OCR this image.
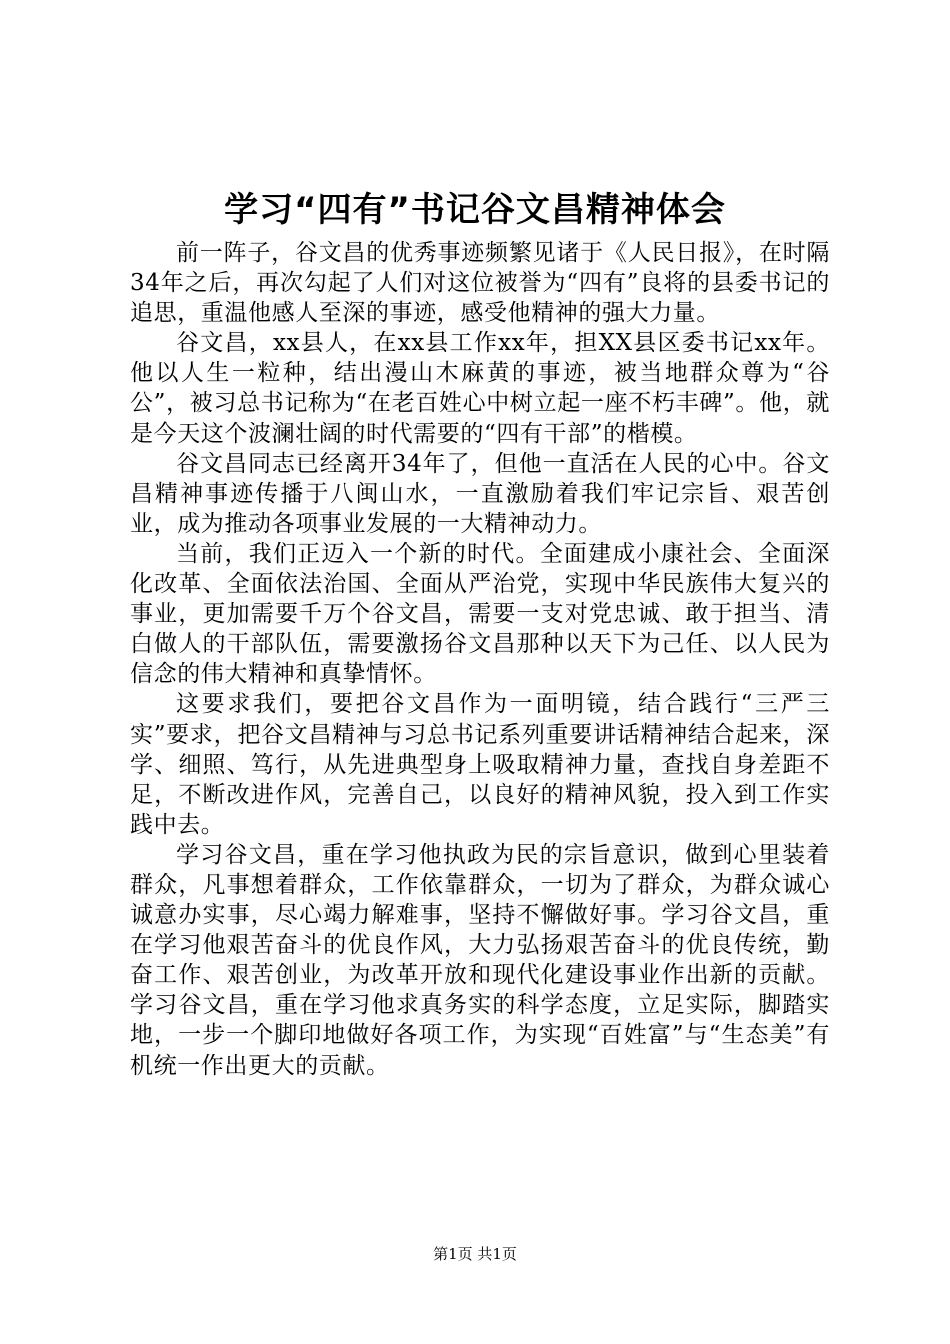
学习“四有”书记谷文昌精神体会

前一阵子，谷文昌的优秀事迹频繁见诸于《人民日报》，在时隔34年之后，再次勾起了人们对这位被誉为“四有”良将的县委书记的追思，重温他感人至深的事迹，感受他精神的强大力量。

谷文昌，xx县人，在xx县工作xx年，担XX县区委书记xx年。他以人生一粒种，结出漫山木麻黄的事迹，被当地群众尊为“谷公”，被习总书记称为“在老百姓心中树立起一座不朽丰碑”。他，就是今天这个波澜壮阔的时代需要的“四有干部”的楷模。

谷文昌同志已经离开34年了，但他一直活在人民的心中。谷文昌精神事迹传播于八闽山水，一直激励着我们牢记宗旨、艰苦创业，成为推动各项事业发展的一大精神动力。

当前，我们正迈入一个新的时代。全面建成小康社会、全面深化改革、全面依法治国、全面从严治党，实现中华民族伟大复兴的事业，更加需要千万个谷文昌，需要一支对党忠诚、敢于担当、清白做人的干部队伍，需要激扬谷文昌那种以天下为己任、以人民为信念的伟大精神和真挚情怀。

这要求我们，要把谷文昌作为一面明镜，结合践行“三严三实”要求，把谷文昌精神与习总书记系列重要讲话精神结合起来，深学、细照、笃行，从先进典型身上吸取精神力量，查找自身差距不足，不断改进作风，完善自己，以良好的精神风貌，投入到工作实践中去。

学习谷文昌，重在学习他执政为民的宗旨意识，做到心里装着群众，凡事想着群众，工作依靠群众，一切为了群众，为群众诚心诚意办实事，尽心竭力解难事，坚持不懈做好事。学习谷文昌，重在学习他艰苦奋斗的优良作风，大力弘扬艰苦奋斗的优良传统，勤奋工作、艰苦创业，为改革开放和现代化建设事业作出新的贡献。学习谷文昌，重在学习他求真务实的科学态度，立足实际，脚踏实地，一步一个脚印地做好各项工作，为实现“百姓富”与“生态美”有机统一作出更大的贡献。

第1页 共1页
